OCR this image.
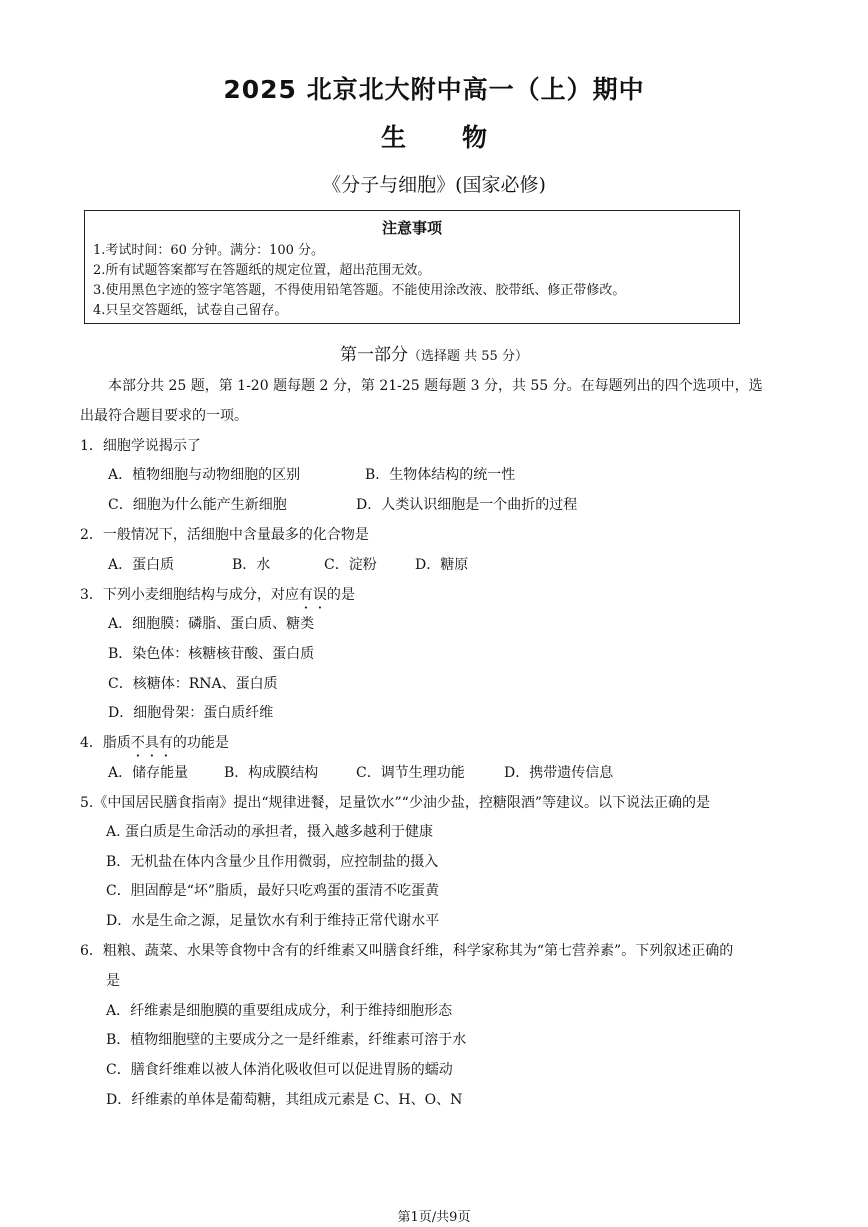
2025 北京北大附中高一（上）期中
生物
《分子与细胞》(国家必修)
注意事项
1.考试时间：60 分钟。满分：100 分。
2.所有试题答案都写在答题纸的规定位置，超出范围无效。
3.使用黑色字迹的签字笔答题，不得使用铅笔答题。不能使用涂改液、胶带纸、修正带修改。
4.只呈交答题纸，试卷自己留存。
第一部分（选择题 共 55 分）
本部分共 25 题，第 1-20 题每题 2 分，第 21-25 题每题 3 分，共 55 分。在每题列出的四个选项中，选
出最符合题目要求的一项。
1．细胞学说揭示了
A．植物细胞与动物细胞的区别	B．生物体结构的统一性
C．细胞为什么能产生新细胞	D．人类认识细胞是一个曲折的过程
2．一般情况下，活细胞中含量最多的化合物是
A．蛋白质	B．水	C．淀粉	D．糖原
3．下列小麦细胞结构与成分，对应有误的是
A．细胞膜：磷脂、蛋白质、糖类
B．染色体：核糖核苷酸、蛋白质
C．核糖体：RNA、蛋白质
D．细胞骨架：蛋白质纤维
4．脂质不具有的功能是
A．储存能量	B．构成膜结构	C．调节生理功能	D．携带遗传信息
5.《中国居民膳食指南》提出“规律进餐，足量饮水”“少油少盐，控糖限酒”等建议。以下说法正确的是
A. 蛋白质是生命活动的承担者，摄入越多越利于健康
B．无机盐在体内含量少且作用微弱，应控制盐的摄入
C．胆固醇是“坏”脂质，最好只吃鸡蛋的蛋清不吃蛋黄
D．水是生命之源，足量饮水有利于维持正常代谢水平
6．粗粮、蔬菜、水果等食物中含有的纤维素又叫膳食纤维，科学家称其为“第七营养素”。下列叙述正确的
是
A．纤维素是细胞膜的重要组成成分，利于维持细胞形态
B．植物细胞壁的主要成分之一是纤维素，纤维素可溶于水
C．膳食纤维难以被人体消化吸收但可以促进胃肠的蠕动
D．纤维素的单体是葡萄糖，其组成元素是 C、H、O、N
第1页/共9页
